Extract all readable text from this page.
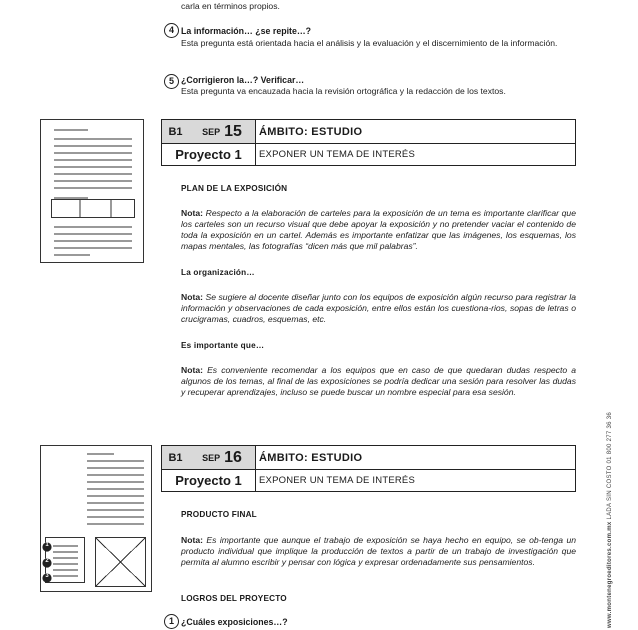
carla en términos propios.
4 La información… ¿se repite…?
Esta pregunta está orientada hacia el análisis y la evaluación y el discernimiento de la información.
5 ¿Corrigieron la…? Verificar…
Esta pregunta va encauzada hacia la revisión ortográfica y la redacción de los textos.
B1	SEP 15	ÁMBITO: ESTUDIO
Proyecto 1	EXPONER UN TEMA DE INTERÉS
PLAN DE LA EXPOSICIÓN
Nota: Respecto a la elaboración de carteles para la exposición de un tema es importante clarificar que los carteles son un recurso visual que debe apoyar la exposición y no pretender vaciar el contenido de toda la exposición en un cartel. Además es importante enfatizar que las imágenes, los esquemas, los mapas mentales, las fotografías “dicen más que mil palabras”.
La organización…
Nota: Se sugiere al docente diseñar junto con los equipos de exposición algún recurso para registrar la información y observaciones de cada exposición, entre ellos están los cuestiona-rios, sopas de letras o crucigramas, cuadros, esquemas, etc.
Es importante que…
Nota: Es conveniente recomendar a los equipos que en caso de que quedaran dudas respecto a algunos de los temas, al final de las exposiciones se podría dedicar una sesión para resolver las dudas y recuperar aprendizajes, incluso se puede buscar un nombre especial para esa sesión.
1
2
3
B1	SEP 16	ÁMBITO: ESTUDIO
Proyecto 1	EXPONER UN TEMA DE INTERÉS
PRODUCTO FINAL
Nota: Es importante que aunque el trabajo de exposición se haya hecho en equipo, se ob-tenga un producto individual que implique la producción de textos a partir de un trabajo de investigación que permita al alumno escribir y pensar con lógica y expresar ordenadamente sus pensamientos.
LOGROS DEL PROYECTO
1 ¿Cuáles exposiciones…?	www.montenegroeditores.com.mx LADA SIN COSTO 01 800 277 36 36
